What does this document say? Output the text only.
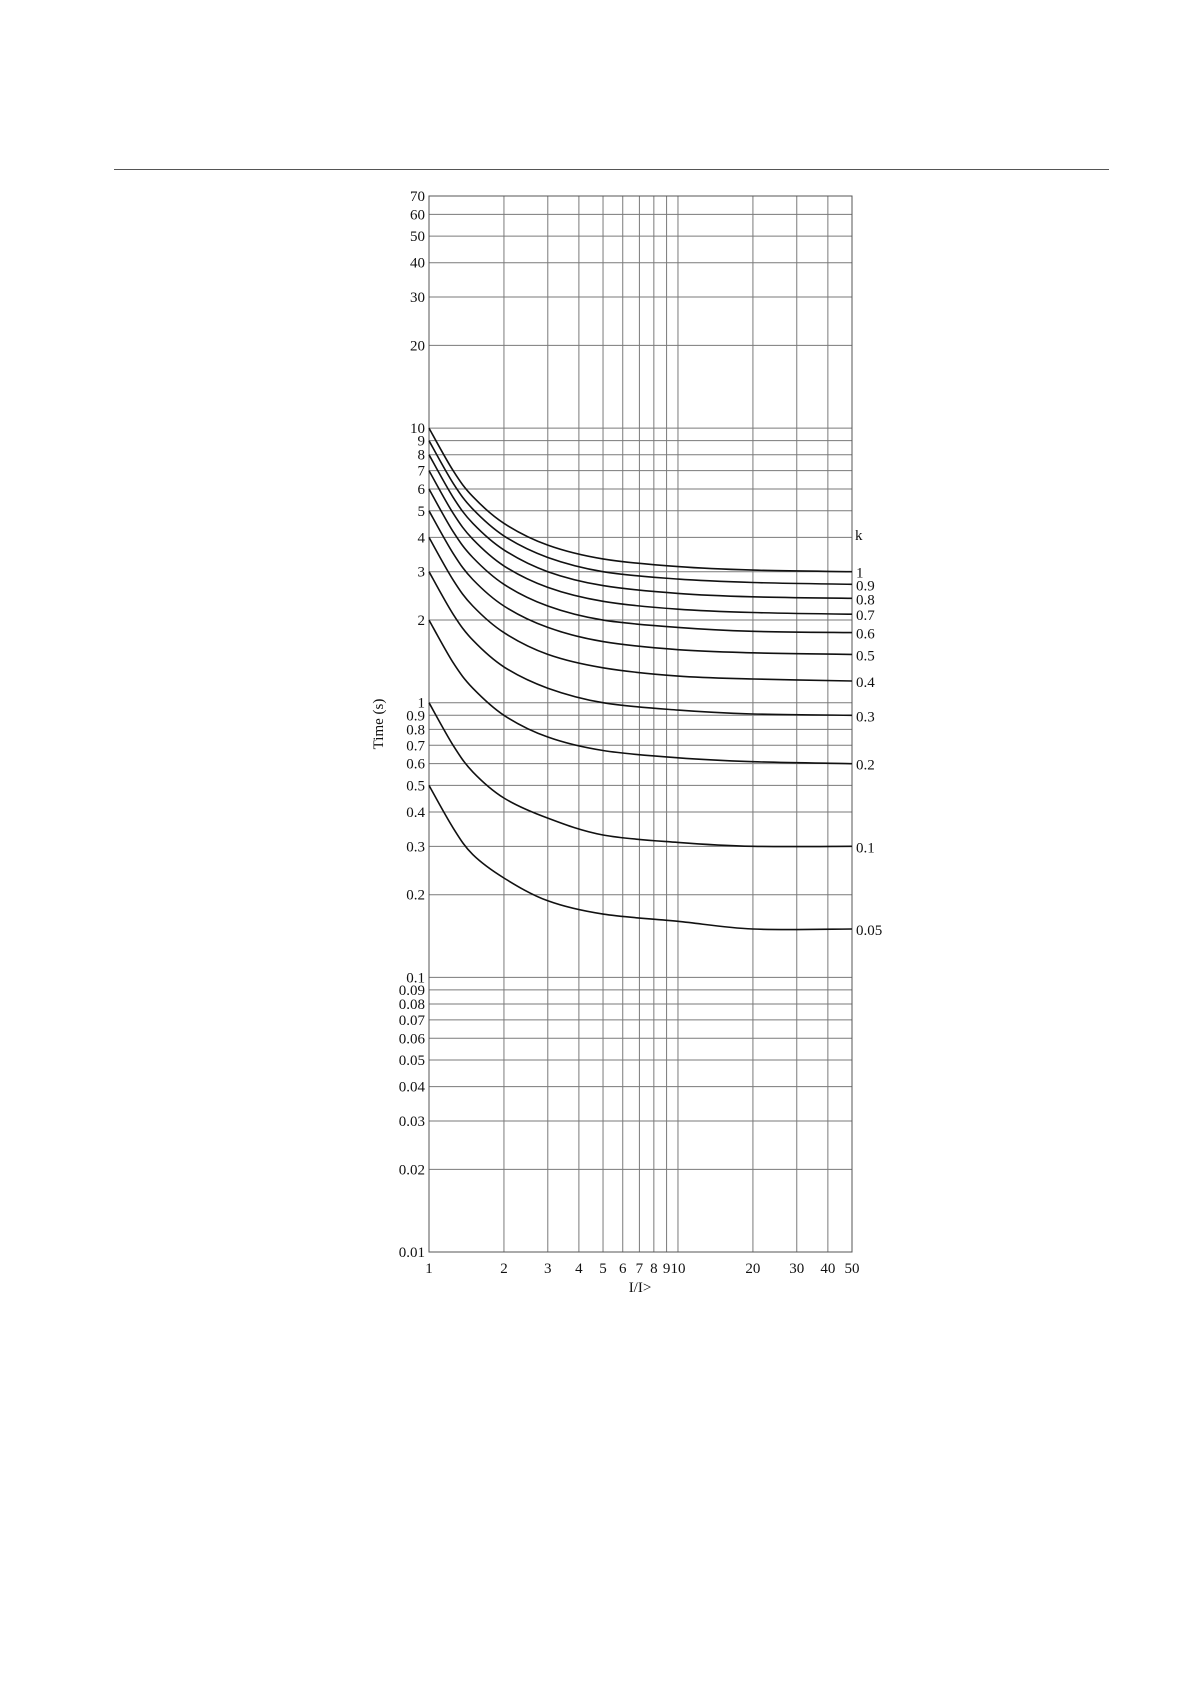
1	2 3 4 5 6 7 8 9 10	20 30 40 50
70
60
50
40
30
20
10
9
8
7
6
5
4
3
2
1
0.9
0.8
0.7
0.6
0.5
0.4
0.3
0.2
0.1
0.09
0.08
0.07
0.06
0.05
0.04
0.03
0.02
0.01
k
1
0.9
0.8
0.7
0.6
0.5
0.4
0.3
0.2
0.1
0.05
Time (s)
I/I>
